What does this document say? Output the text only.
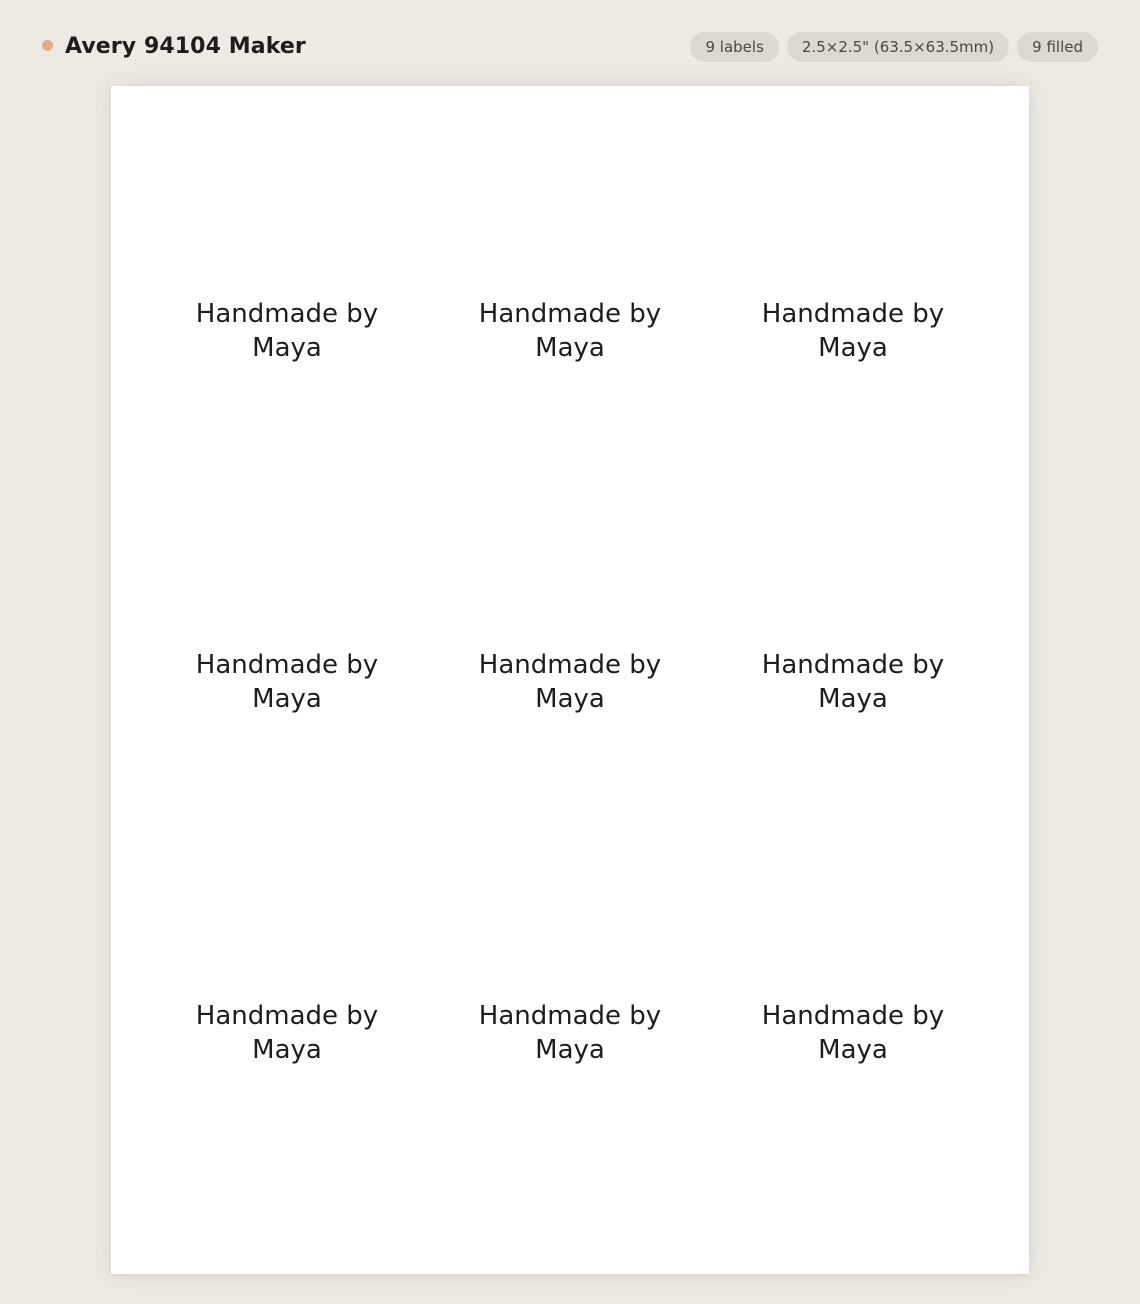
Avery 94104 Maker	9 labels	2.5×2.5" (63.5×63.5mm)	9 filled
Handmade by Maya
Handmade by Maya
Handmade by Maya
Handmade by Maya
Handmade by Maya
Handmade by Maya
Handmade by Maya
Handmade by Maya
Handmade by Maya
